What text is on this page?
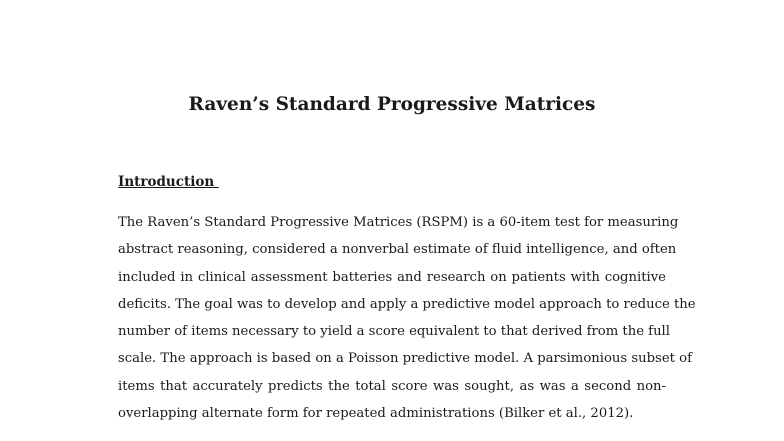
Raven’s Standard Progressive Matrices
Introduction
The Raven’s Standard Progressive Matrices (RSPM) is a 60-item test for measuring
abstract reasoning, considered a nonverbal estimate of fluid intelligence, and often
included in clinical assessment batteries and research on patients with cognitive
deficits. The goal was to develop and apply a predictive model approach to reduce the
number of items necessary to yield a score equivalent to that derived from the full
scale. The approach is based on a Poisson predictive model. A parsimonious subset of
items that accurately predicts the total score was sought, as was a second non-
overlapping alternate form for repeated administrations (Bilker et al., 2012).
